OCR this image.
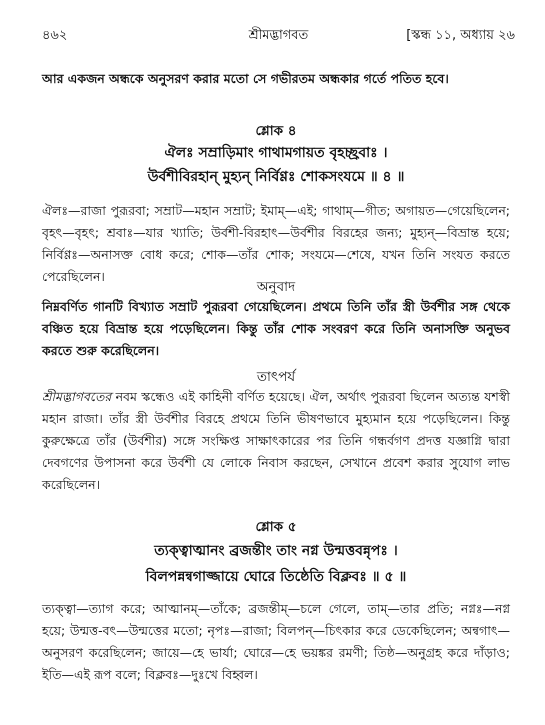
৪৬২	শ্রীমদ্ভাগবত	[স্কন্ধ ১১, অধ্যায় ২৬
আর একজন অন্ধকে অনুসরণ করার মতো সে গভীরতম অন্ধকার গর্তে পতিত হবে।
শ্লোক ৪
ঐলঃ সম্রাড়িমাং গাথামগায়ত বৃহচ্ছ্রবাঃ ।
উর্বশীবিরহান্ মুহ্যন্ নির্বিণ্ণঃ শোকসংযমে ॥ ৪ ॥
ঐলঃ—রাজা পুরূরবা; সম্রাট—মহান সম্রাট; ইমাম্—এই; গাথাম্—গীত; অগায়ত—গেয়েছিলেন; বৃহৎ—বৃহৎ; শ্রবাঃ—যার খ্যাতি; উর্বশী-বিরহাৎ—উর্বশীর বিরহের জন্য; মুহ্যন্—বিভ্রান্ত হয়ে; নির্বিণ্ণঃ—অনাসক্ত বোধ করে; শোক—তাঁর শোক; সংযমে—শেষে, যখন তিনি সংযত করতে পেরেছিলেন।
অনুবাদ
নিম্নবর্ণিত গানটি বিখ্যাত সম্রাট পুরূরবা গেয়েছিলেন। প্রথমে তিনি তাঁর স্ত্রী উর্বশীর সঙ্গ থেকে বঞ্চিত হয়ে বিভ্রান্ত হয়ে পড়েছিলেন। কিন্তু তাঁর শোক সংবরণ করে তিনি অনাসক্তি অনুভব করতে শুরু করেছিলেন।
তাৎপর্য
শ্রীমদ্ভাগবতের নবম স্কন্ধেও এই কাহিনী বর্ণিত হয়েছে। ঐল, অর্থাৎ পুরূরবা ছিলেন অত্যন্ত যশস্বী মহান রাজা। তাঁর স্ত্রী উর্বশীর বিরহে প্রথমে তিনি ভীষণভাবে মুহ্যমান হয়ে পড়েছিলেন। কিন্তু কুরুক্ষেত্রে তাঁর (উর্বশীর) সঙ্গে সংক্ষিপ্ত সাক্ষাৎকারের পর তিনি গন্ধর্বগণ প্রদত্ত যজ্ঞাগ্নি দ্বারা দেবগণের উপাসনা করে উর্বশী যে লোকে নিবাস করছেন, সেখানে প্রবেশ করার সুযোগ লাভ করেছিলেন।
শ্লোক ৫
ত্যক্ত্বাত্মানং ব্রজন্তীং তাং নগ্ন উন্মত্তবন্নৃপঃ ।
বিলপন্নন্বগাজ্জায়ে ঘোরে তিষ্ঠেতি বিক্লবঃ ॥ ৫ ॥
ত্যক্ত্বা—ত্যাগ করে; আত্মানম্—তাঁকে; ব্রজন্তীম্—চলে গেলে, তাম্—তার প্রতি; নগ্নঃ—নগ্ন হয়ে; উন্মত্ত-বৎ—উন্মত্তের মতো; নৃপঃ—রাজা; বিলপন্—চিৎকার করে ডেকেছিলেন; অন্বগাৎ—অনুসরণ করেছিলেন; জায়ে—হে ভার্যা; ঘোরে—হে ভয়ঙ্কর রমণী; তিষ্ঠ—অনুগ্রহ করে দাঁড়াও; ইতি—এই রূপ বলে; বিক্লবঃ—দুঃখে বিহ্বল।
